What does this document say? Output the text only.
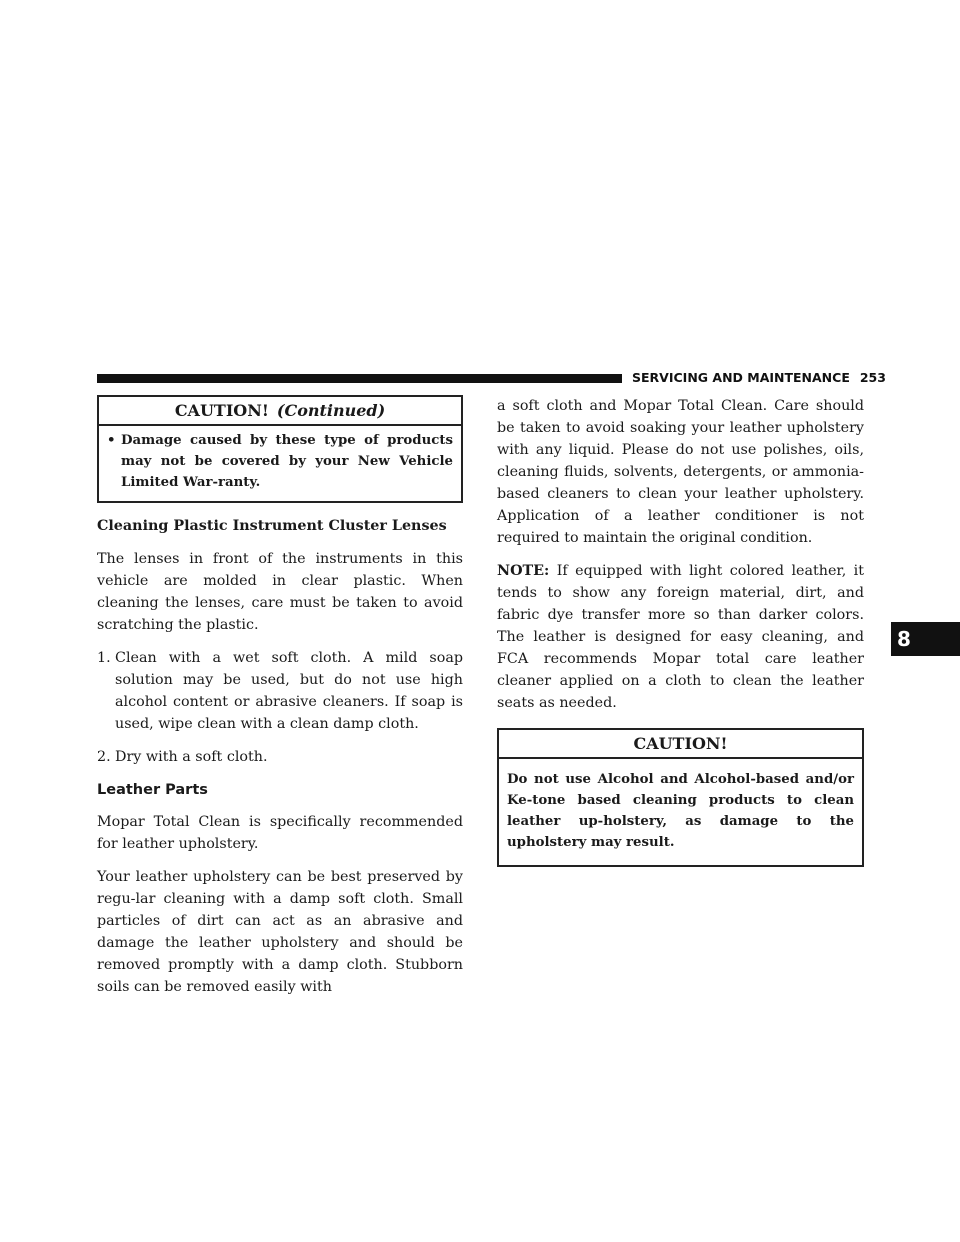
SERVICING AND MAINTENANCE 253
CAUTION! (Continued)
• Damage caused by these type of products may not be covered by your New Vehicle Limited War-ranty.
Cleaning Plastic Instrument Cluster Lenses

The lenses in front of the instruments in this vehicle are molded in clear plastic. When cleaning the lenses, care must be taken to avoid scratching the plastic.

1. Clean with a wet soft cloth. A mild soap solution may be used, but do not use high alcohol content or abrasive cleaners. If soap is used, wipe clean with a clean damp cloth.
2. Dry with a soft cloth.
Leather Parts

Mopar Total Clean is specifically recommended for leather upholstery.

Your leather upholstery can be best preserved by regu-lar cleaning with a damp soft cloth. Small particles of dirt can act as an abrasive and damage the leather upholstery and should be removed promptly with a damp cloth. Stubborn soils can be removed easily with

a soft cloth and Mopar Total Clean. Care should be taken to avoid soaking your leather upholstery with any liquid. Please do not use polishes, oils, cleaning fluids, solvents, detergents, or ammonia-based cleaners to clean your leather upholstery. Application of a leather conditioner is not required to maintain the original condition.

NOTE: If equipped with light colored leather, it tends to show any foreign material, dirt, and fabric dye transfer more so than darker colors. The leather is designed for easy cleaning, and FCA recommends Mopar total care leather cleaner applied on a cloth to clean the leather seats as needed.

CAUTION!
Do not use Alcohol and Alcohol-based and/or Ke-tone based cleaning products to clean leather up-holstery, as damage to the upholstery may result.
8
